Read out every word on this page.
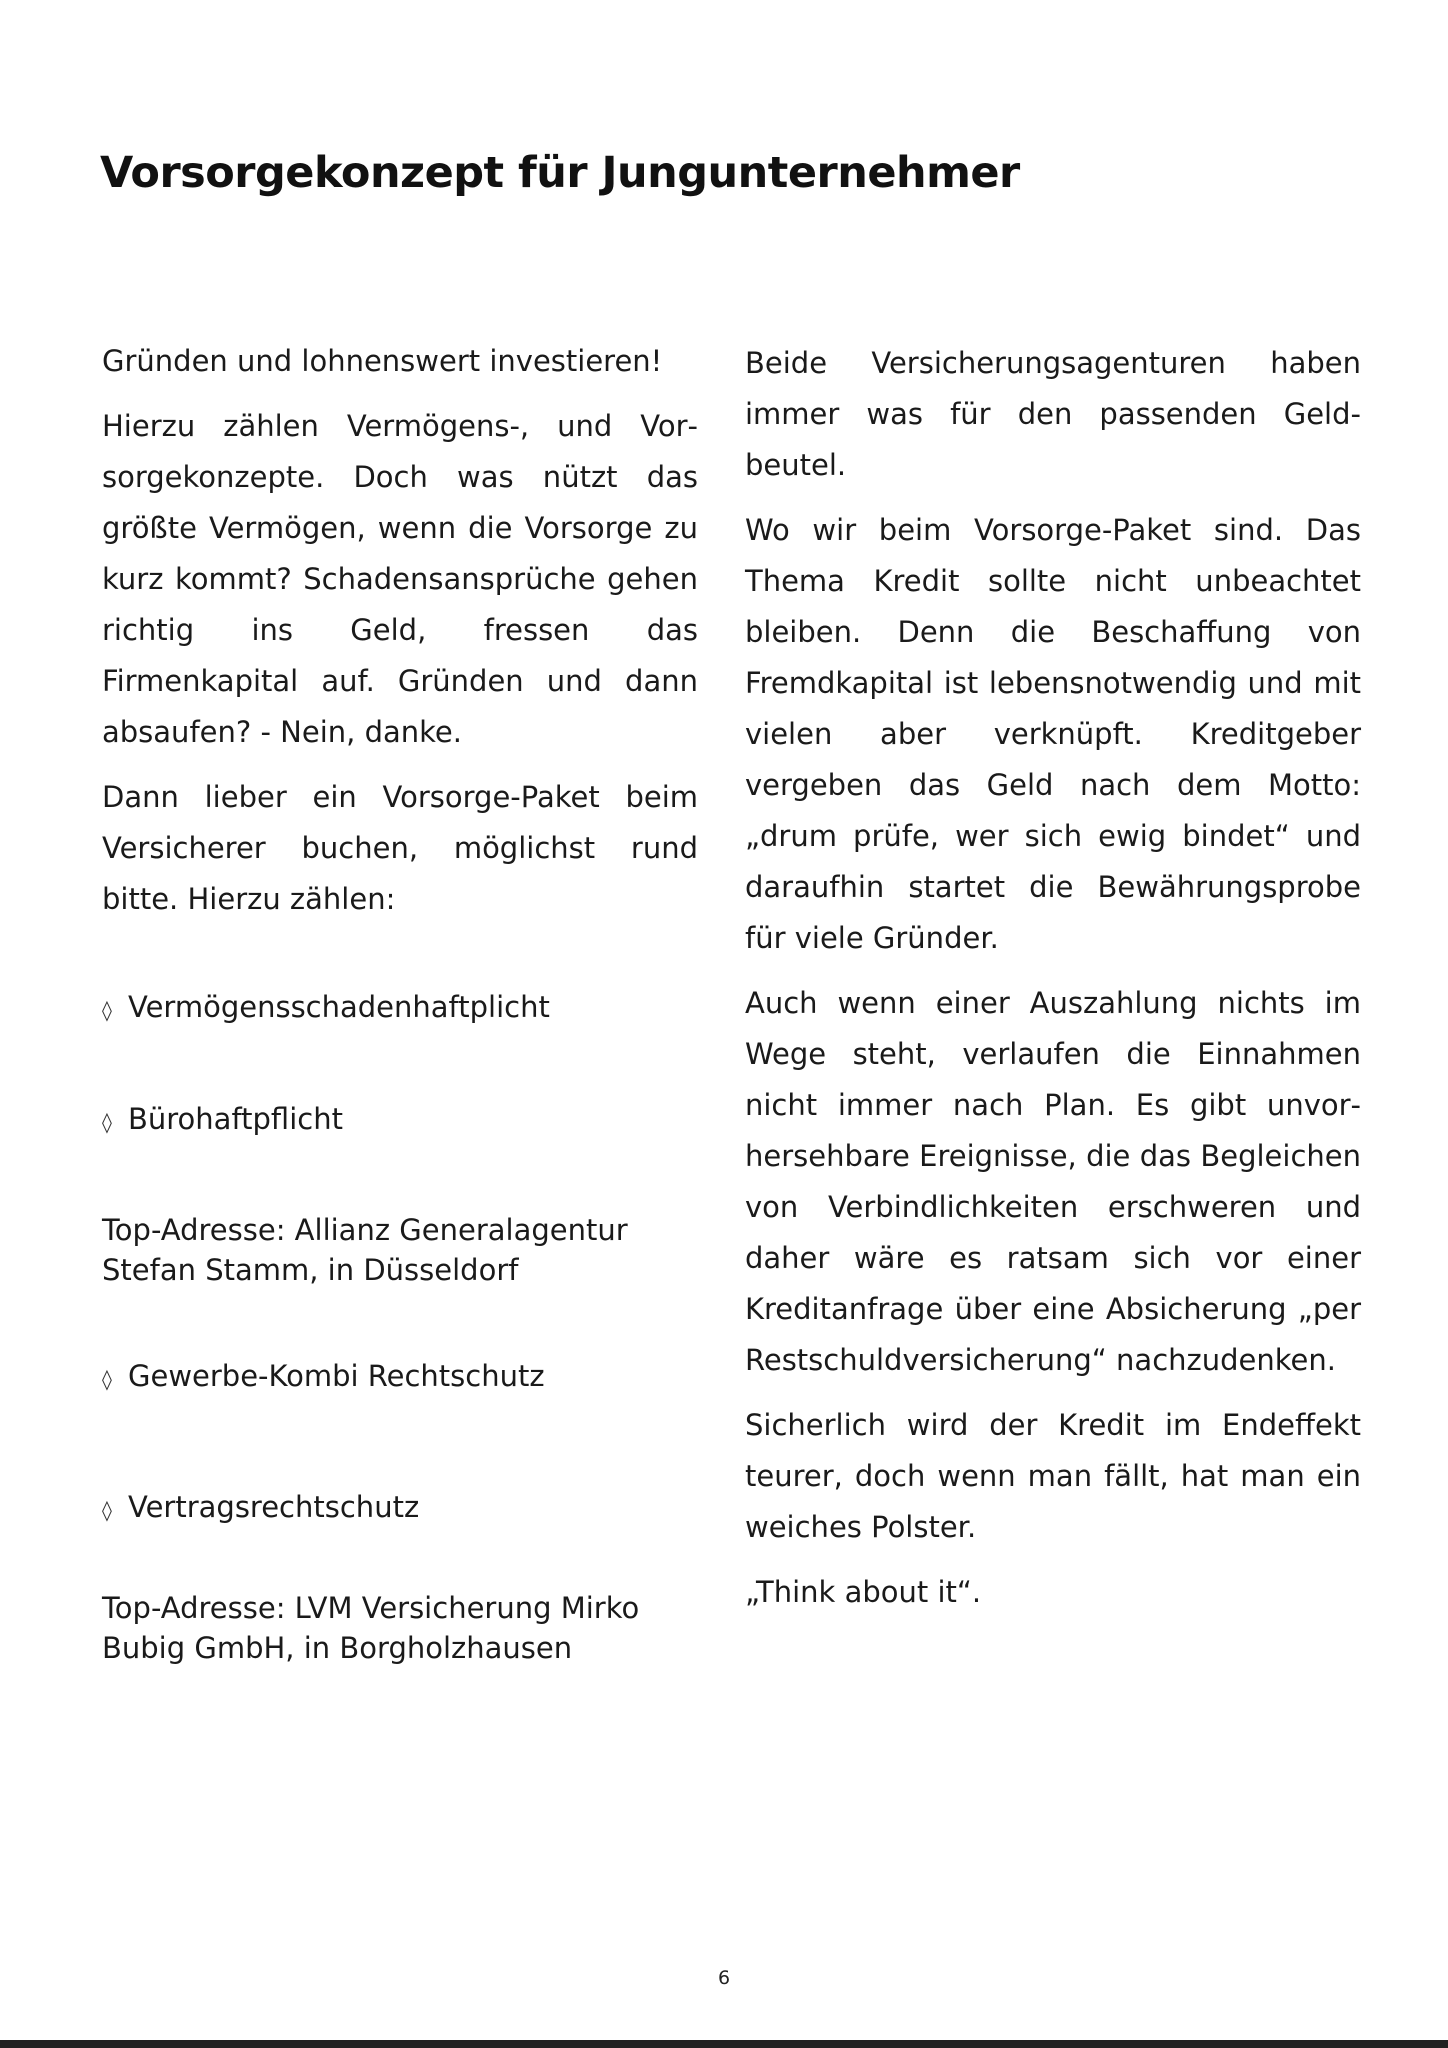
Vorsorgekonzept für Jungunternehmer

Gründen und lohnenswert investieren!

Hierzu zählen Vermögens-, und Vorsorgekonzepte. Doch was nützt das größte Vermögen, wenn die Vorsorge zu kurz kommt? Schadensansprüche gehen richtig ins Geld, fressen das Firmenkapital auf. Gründen und dann absaufen? - Nein, danke.

Dann lieber ein Vorsorge-Paket beim Versicherer buchen, möglichst rund bitte. Hierzu zählen:

◊ Vermögensschadenhaftplicht
◊ Bürohaftpflicht

Top-Adresse: Allianz Generalagentur Stefan Stamm, in Düsseldorf

◊ Gewerbe-Kombi Rechtschutz
◊ Vertragsrechtschutz

Top-Adresse: LVM Versicherung Mirko Bubig GmbH, in Borgholzhausen

Beide Versicherungsagenturen haben immer was für den passenden Geldbeutel.

Wo wir beim Vorsorge-Paket sind. Das Thema Kredit sollte nicht unbeachtet bleiben. Denn die Beschaffung von Fremdkapital ist lebensnotwendig und mit vielen aber verknüpft. Kreditgeber vergeben das Geld nach dem Motto: „drum prüfe, wer sich ewig bindet“ und daraufhin startet die Bewährungsprobe für viele Gründer.

Auch wenn einer Auszahlung nichts im Wege steht, verlaufen die Einnahmen nicht immer nach Plan. Es gibt unvorhersehbare Ereignisse, die das Begleichen von Verbindlichkeiten erschweren und daher wäre es ratsam sich vor einer Kreditanfrage über eine Absicherung „per Restschuldversicherung“ nachzudenken.

Sicherlich wird der Kredit im Endeffekt teurer, doch wenn man fällt, hat man ein weiches Polster.

„Think about it“.

6
